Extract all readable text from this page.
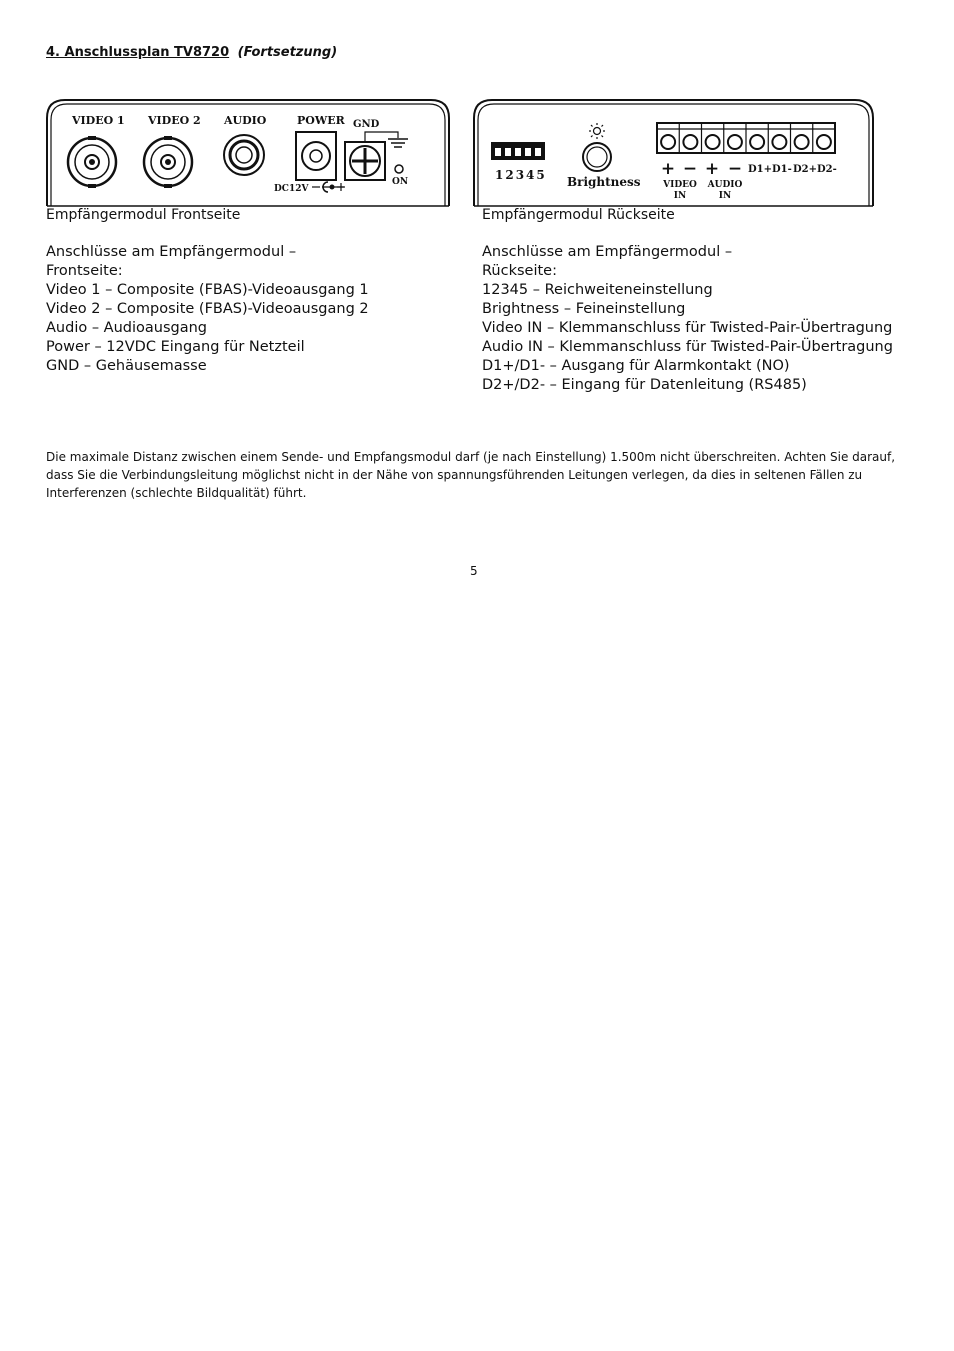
4. Anschlussplan TV8720 (Fortsetzung)
VIDEO 1 VIDEO 2 AUDIO	POWER GND
ON
DC12V
12345 Brightness
+ − + − D1+D1- D2+D2-
VIDEO
IN
AUDIO
IN
Empfängermodul Frontseite	Empfängermodul Rückseite
Anschlüsse am Empfängermodul –
Frontseite:
Video 1 – Composite (FBAS)-Videoausgang 1
Video 2 – Composite (FBAS)-Videoausgang 2
Audio – Audioausgang
Power – 12VDC Eingang für Netzteil
GND – Gehäusemasse
Anschlüsse am Empfängermodul –
Rückseite:
12345 – Reichweiteneinstellung
Brightness – Feineinstellung
Video IN – Klemmanschluss für Twisted-Pair-Übertragung
Audio IN – Klemmanschluss für Twisted-Pair-Übertragung
D1+/D1- – Ausgang für Alarmkontakt (NO)
D2+/D2- – Eingang für Datenleitung (RS485)
Die maximale Distanz zwischen einem Sende- und Empfangsmodul darf (je nach Einstellung) 1.500m nicht überschreiten. Achten Sie darauf, dass Sie die Verbindungsleitung möglichst nicht in der Nähe von spannungsführenden Leitungen verlegen, da dies in seltenen Fällen zu Interferenzen (schlechte Bildqualität) führt.
5
